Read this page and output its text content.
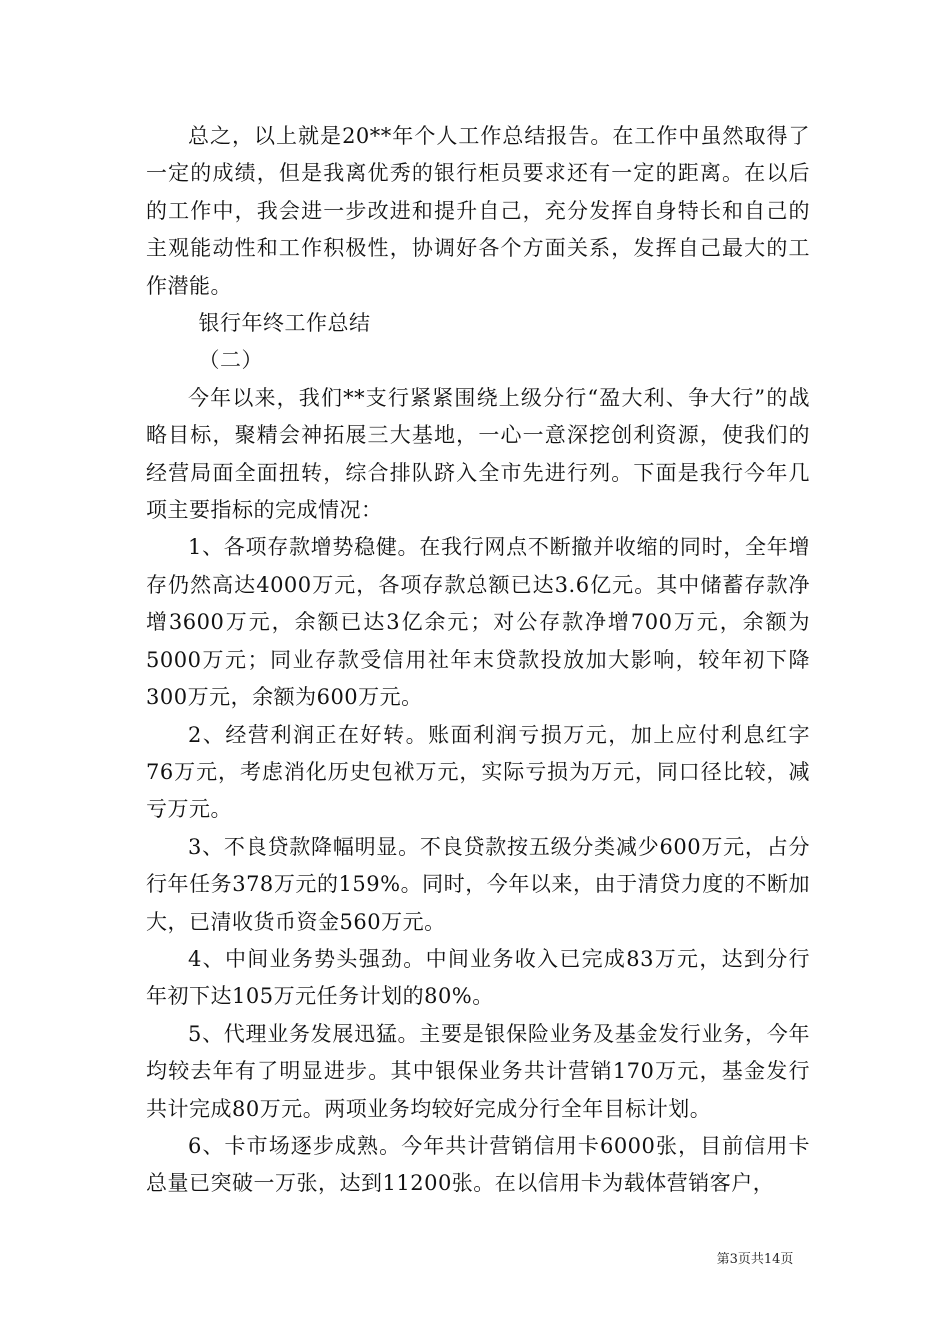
总之，以上就是20**年个人工作总结报告。在工作中虽然取得了一定的成绩，但是我离优秀的银行柜员要求还有一定的距离。在以后的工作中，我会进一步改进和提升自己，充分发挥自身特长和自己的主观能动性和工作积极性，协调好各个方面关系，发挥自己最大的工作潜能。

银行年终工作总结

（二）

今年以来，我们**支行紧紧围绕上级分行“盈大利、争大行”的战略目标，聚精会神拓展三大基地，一心一意深挖创利资源，使我们的经营局面全面扭转，综合排队跻入全市先进行列。下面是我行今年几项主要指标的完成情况：

1、各项存款增势稳健。在我行网点不断撤并收缩的同时，全年增存仍然高达4000万元，各项存款总额已达3.6亿元。其中储蓄存款净增3600万元，余额已达3亿余元；对公存款净增700万元，余额为5000万元；同业存款受信用社年末贷款投放加大影响，较年初下降300万元，余额为600万元。

2、经营利润正在好转。账面利润亏损万元，加上应付利息红字76万元，考虑消化历史包袱万元，实际亏损为万元，同口径比较，减亏万元。

3、不良贷款降幅明显。不良贷款按五级分类减少600万元，占分行年任务378万元的159%。同时，今年以来，由于清贷力度的不断加大，已清收货币资金560万元。

4、中间业务势头强劲。中间业务收入已完成83万元，达到分行年初下达105万元任务计划的80%。

5、代理业务发展迅猛。主要是银保险业务及基金发行业务，今年均较去年有了明显进步。其中银保业务共计营销170万元，基金发行共计完成80万元。两项业务均较好完成分行全年目标计划。

6、卡市场逐步成熟。今年共计营销信用卡6000张，目前信用卡总量已突破一万张，达到11200张。在以信用卡为载体营销客户，

第3页共14页
